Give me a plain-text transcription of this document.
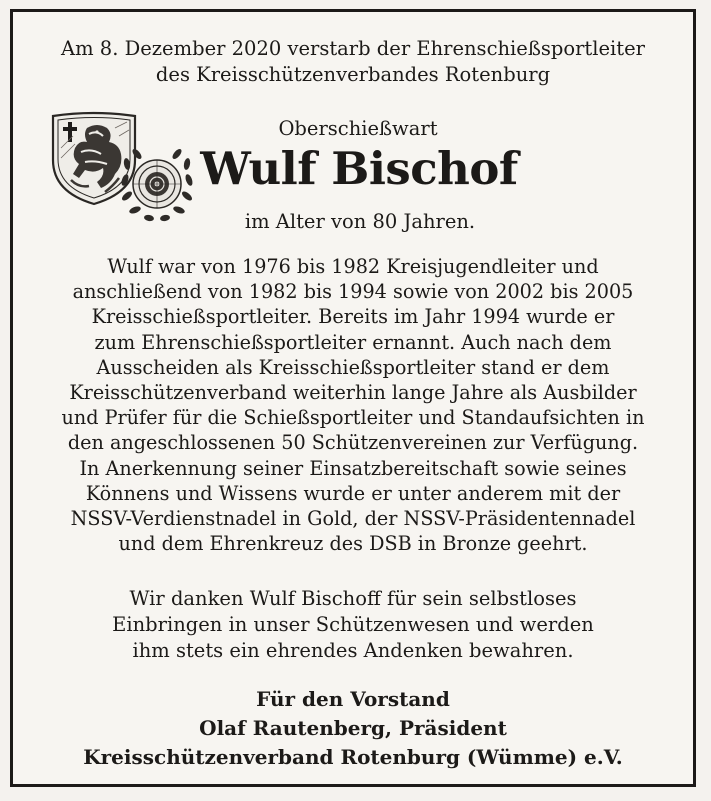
Am 8. Dezember 2020 verstarb der Ehrenschießsportleiter
des Kreisschützenverbandes Rotenburg
Oberschießwart
Wulf Bischof
im Alter von 80 Jahren.
Wulf war von 1976 bis 1982 Kreisjugendleiter und
anschließend von 1982 bis 1994 sowie von 2002 bis 2005
Kreisschießsportleiter. Bereits im Jahr 1994 wurde er
zum Ehrenschießsportleiter ernannt. Auch nach dem
Ausscheiden als Kreisschießsportleiter stand er dem
Kreisschützenverband weiterhin lange Jahre als Ausbilder
und Prüfer für die Schießsportleiter und Standaufsichten in
den angeschlossenen 50 Schützenvereinen zur Verfügung.
In Anerkennung seiner Einsatzbereitschaft sowie seines
Könnens und Wissens wurde er unter anderem mit der
NSSV-Verdienstnadel in Gold, der NSSV-Präsidentennadel
und dem Ehrenkreuz des DSB in Bronze geehrt.
Wir danken Wulf Bischoff für sein selbstloses
Einbringen in unser Schützenwesen und werden
ihm stets ein ehrendes Andenken bewahren.
Für den Vorstand
Olaf Rautenberg, Präsident
Kreisschützenverband Rotenburg (Wümme) e.V.
